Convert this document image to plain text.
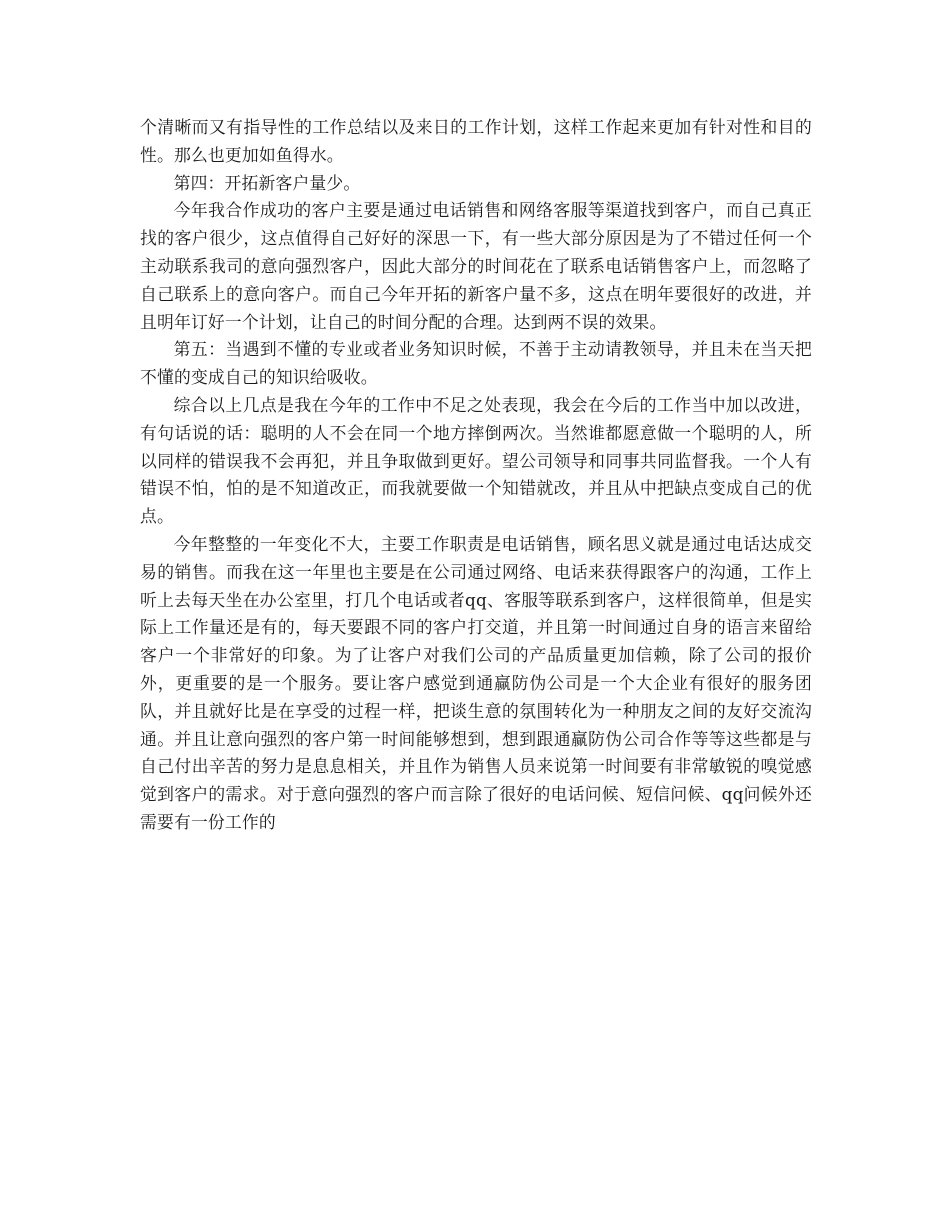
个清晰而又有指导性的工作总结以及来日的工作计划，这样工作起来更加有针对性和目的性。那么也更加如鱼得水。

第四：开拓新客户量少。

今年我合作成功的客户主要是通过电话销售和网络客服等渠道找到客户，而自己真正找的客户很少，这点值得自己好好的深思一下，有一些大部分原因是为了不错过任何一个主动联系我司的意向强烈客户，因此大部分的时间花在了联系电话销售客户上，而忽略了自己联系上的意向客户。而自己今年开拓的新客户量不多，这点在明年要很好的改进，并且明年订好一个计划，让自己的时间分配的合理。达到两不误的效果。

第五：当遇到不懂的专业或者业务知识时候，不善于主动请教领导，并且未在当天把不懂的变成自己的知识给吸收。

综合以上几点是我在今年的工作中不足之处表现，我会在今后的工作当中加以改进，有句话说的话：聪明的人不会在同一个地方摔倒两次。当然谁都愿意做一个聪明的人，所以同样的错误我不会再犯，并且争取做到更好。望公司领导和同事共同监督我。一个人有错误不怕，怕的是不知道改正，而我就要做一个知错就改，并且从中把缺点变成自己的优点。

今年整整的一年变化不大，主要工作职责是电话销售，顾名思义就是通过电话达成交易的销售。而我在这一年里也主要是在公司通过网络、电话来获得跟客户的沟通，工作上听上去每天坐在办公室里，打几个电话或者qq、客服等联系到客户，这样很简单，但是实际上工作量还是有的，每天要跟不同的客户打交道，并且第一时间通过自身的语言来留给客户一个非常好的印象。为了让客户对我们公司的产品质量更加信赖，除了公司的报价外，更重要的是一个服务。要让客户感觉到通赢防伪公司是一个大企业有很好的服务团队，并且就好比是在享受的过程一样，把谈生意的氛围转化为一种朋友之间的友好交流沟通。并且让意向强烈的客户第一时间能够想到，想到跟通赢防伪公司合作等等这些都是与自己付出辛苦的努力是息息相关，并且作为销售人员来说第一时间要有非常敏锐的嗅觉感觉到客户的需求。对于意向强烈的客户而言除了很好的电话问候、短信问候、qq问候外还需要有一份工作的
